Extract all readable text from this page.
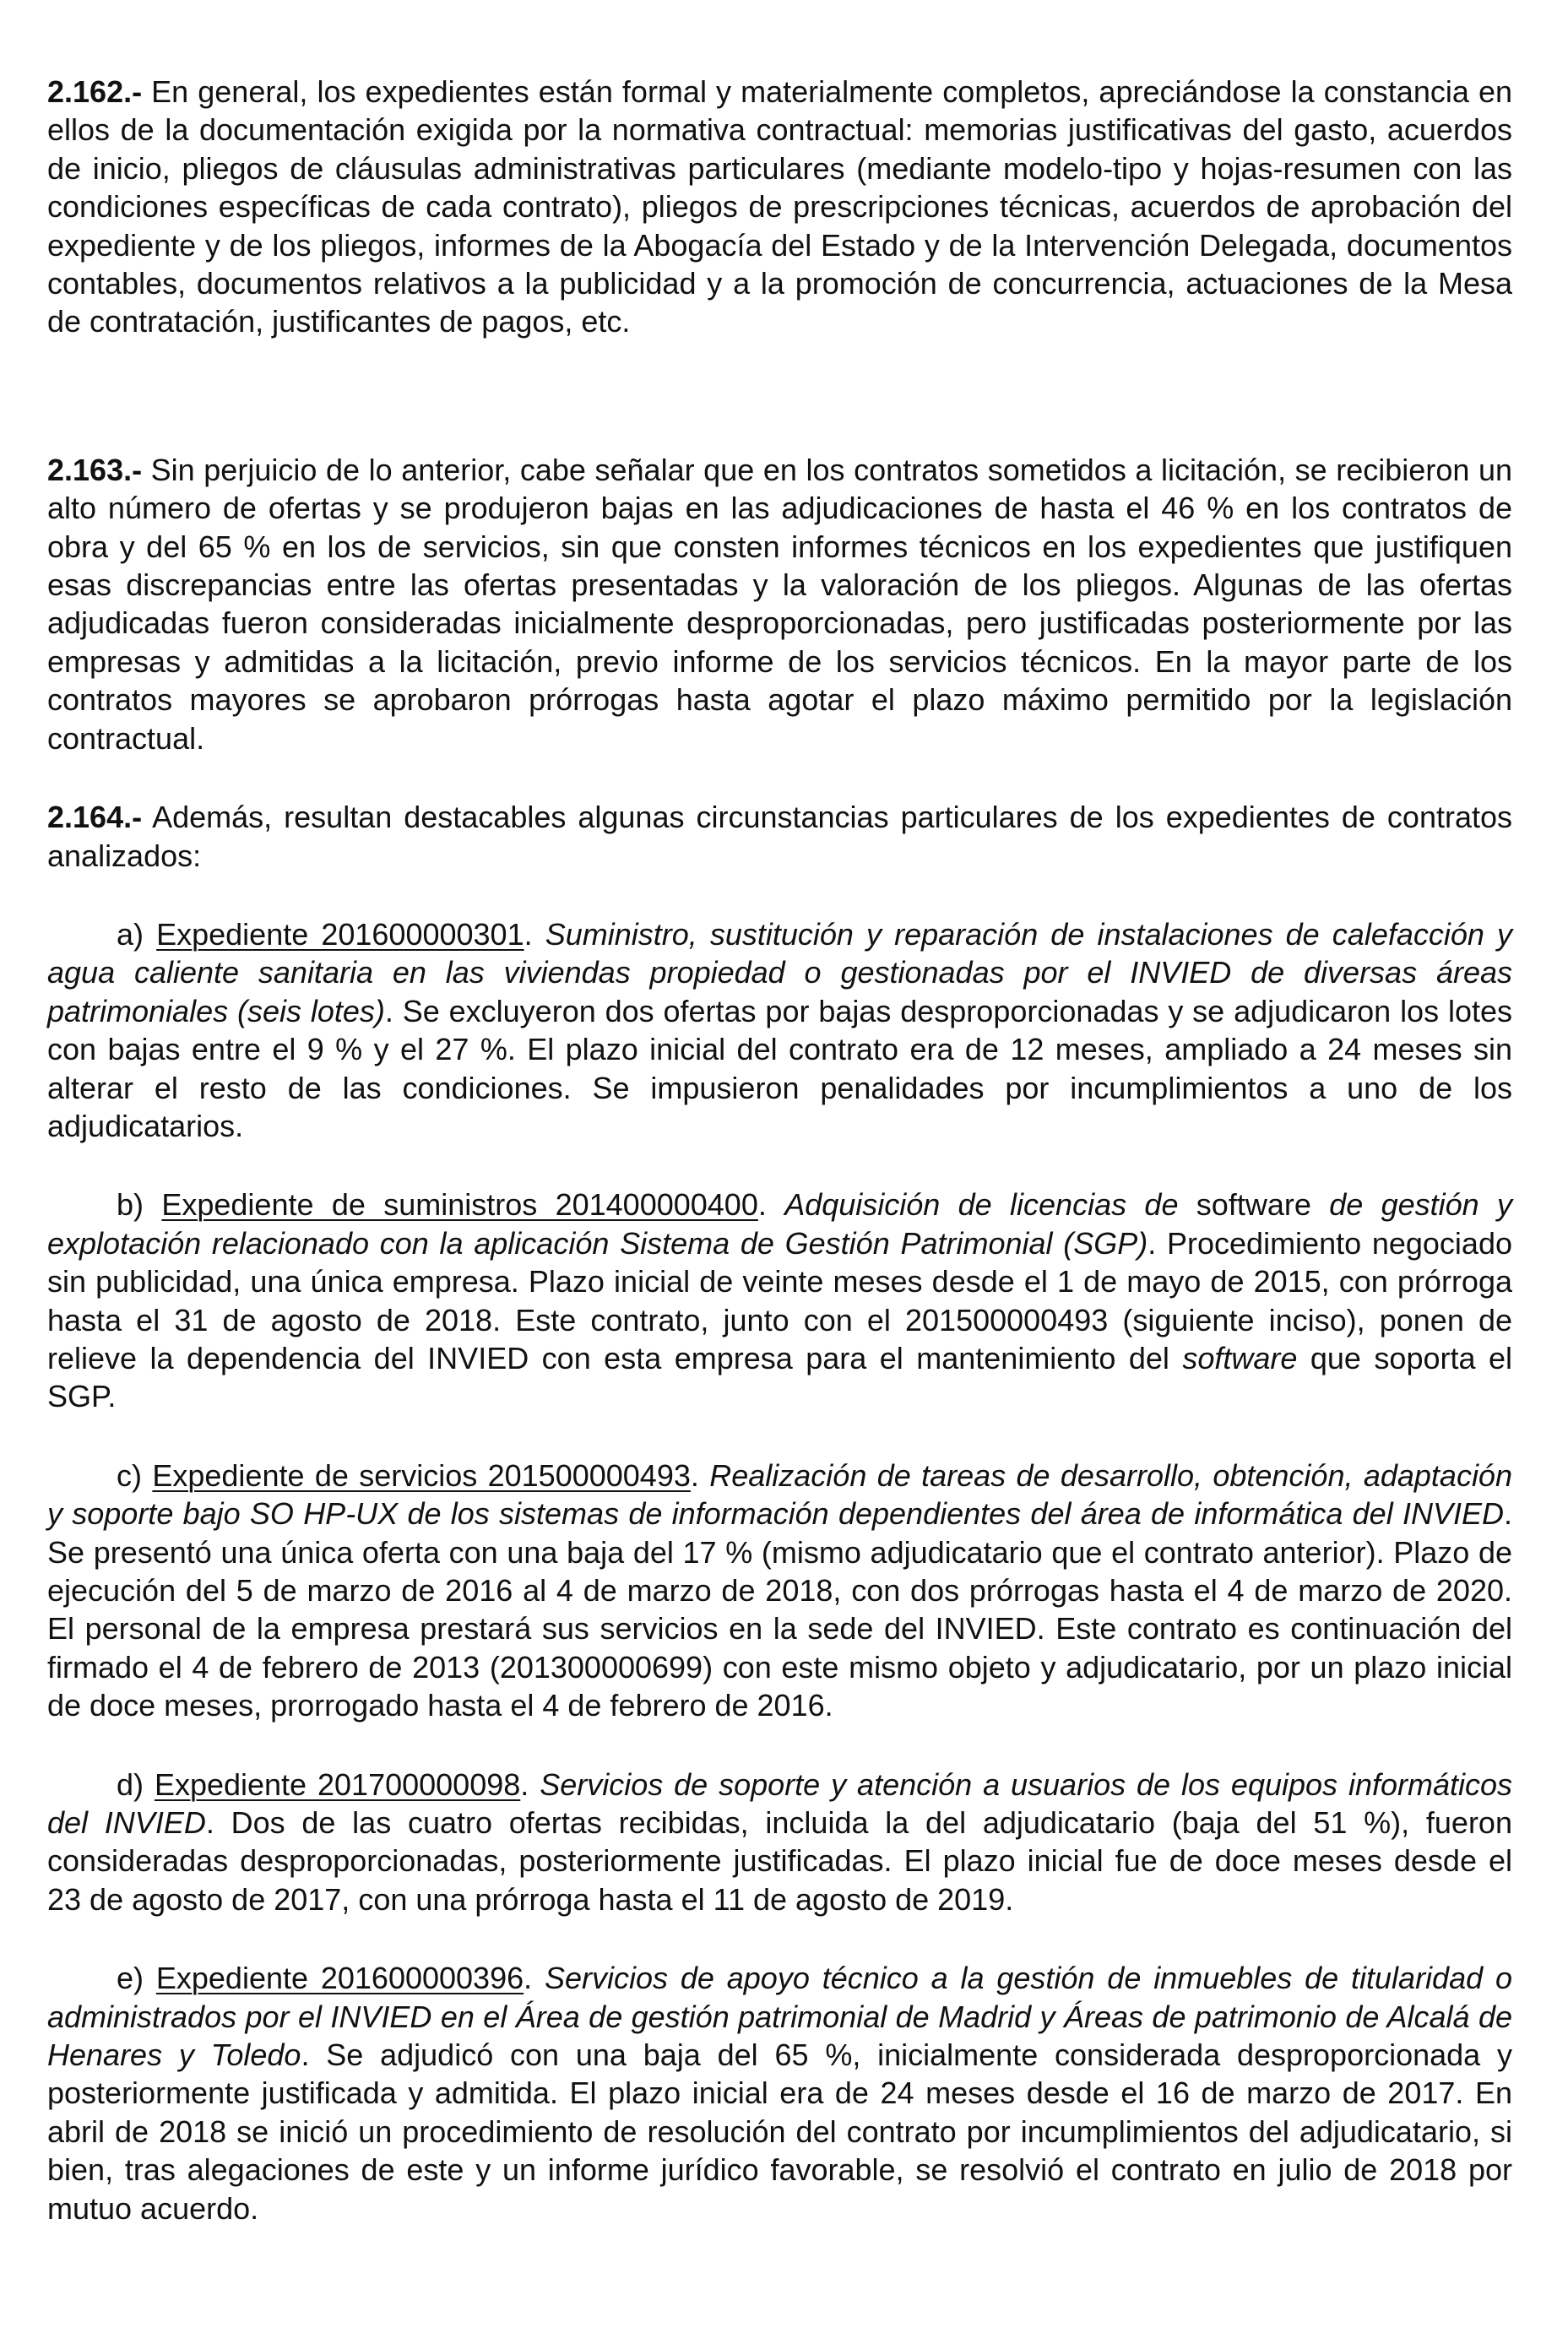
2.162.- En general, los expedientes están formal y materialmente completos, apreciándose la constancia en ellos de la documentación exigida por la normativa contractual: memorias justificativas del gasto, acuerdos de inicio, pliegos de cláusulas administrativas particulares (mediante modelo-tipo y hojas-resumen con las condiciones específicas de cada contrato), pliegos de prescripciones técnicas, acuerdos de aprobación del expediente y de los pliegos, informes de la Abogacía del Estado y de la Intervención Delegada, documentos contables, documentos relativos a la publicidad y a la promoción de concurrencia, actuaciones de la Mesa de contratación, justificantes de pagos, etc.

2.163.- Sin perjuicio de lo anterior, cabe señalar que en los contratos sometidos a licitación, se recibieron un alto número de ofertas y se produjeron bajas en las adjudicaciones de hasta el 46 % en los contratos de obra y del 65 % en los de servicios, sin que consten informes técnicos en los expedientes que justifiquen esas discrepancias entre las ofertas presentadas y la valoración de los pliegos. Algunas de las ofertas adjudicadas fueron consideradas inicialmente desproporcionadas, pero justificadas posteriormente por las empresas y admitidas a la licitación, previo informe de los servicios técnicos. En la mayor parte de los contratos mayores se aprobaron prórrogas hasta agotar el plazo máximo permitido por la legislación contractual.

2.164.- Además, resultan destacables algunas circunstancias particulares de los expedientes de contratos analizados:

a) Expediente 201600000301. Suministro, sustitución y reparación de instalaciones de calefacción y agua caliente sanitaria en las viviendas propiedad o gestionadas por el INVIED de diversas áreas patrimoniales (seis lotes). Se excluyeron dos ofertas por bajas desproporcionadas y se adjudicaron los lotes con bajas entre el 9 % y el 27 %. El plazo inicial del contrato era de 12 meses, ampliado a 24 meses sin alterar el resto de las condiciones. Se impusieron penalidades por incumplimientos a uno de los adjudicatarios.

b) Expediente de suministros 201400000400. Adquisición de licencias de software de gestión y explotación relacionado con la aplicación Sistema de Gestión Patrimonial (SGP). Procedimiento negociado sin publicidad, una única empresa. Plazo inicial de veinte meses desde el 1 de mayo de 2015, con prórroga hasta el 31 de agosto de 2018. Este contrato, junto con el 201500000493 (siguiente inciso), ponen de relieve la dependencia del INVIED con esta empresa para el mantenimiento del software que soporta el SGP.

c) Expediente de servicios 201500000493. Realización de tareas de desarrollo, obtención, adaptación y soporte bajo SO HP-UX de los sistemas de información dependientes del área de informática del INVIED. Se presentó una única oferta con una baja del 17 % (mismo adjudicatario que el contrato anterior). Plazo de ejecución del 5 de marzo de 2016 al 4 de marzo de 2018, con dos prórrogas hasta el 4 de marzo de 2020. El personal de la empresa prestará sus servicios en la sede del INVIED. Este contrato es continuación del firmado el 4 de febrero de 2013 (201300000699) con este mismo objeto y adjudicatario, por un plazo inicial de doce meses, prorrogado hasta el 4 de febrero de 2016.

d) Expediente 201700000098. Servicios de soporte y atención a usuarios de los equipos informáticos del INVIED. Dos de las cuatro ofertas recibidas, incluida la del adjudicatario (baja del 51 %), fueron consideradas desproporcionadas, posteriormente justificadas. El plazo inicial fue de doce meses desde el 23 de agosto de 2017, con una prórroga hasta el 11 de agosto de 2019.

e) Expediente 201600000396. Servicios de apoyo técnico a la gestión de inmuebles de titularidad o administrados por el INVIED en el Área de gestión patrimonial de Madrid y Áreas de patrimonio de Alcalá de Henares y Toledo. Se adjudicó con una baja del 65 %, inicialmente considerada desproporcionada y posteriormente justificada y admitida. El plazo inicial era de 24 meses desde el 16 de marzo de 2017. En abril de 2018 se inició un procedimiento de resolución del contrato por incumplimientos del adjudicatario, si bien, tras alegaciones de este y un informe jurídico favorable, se resolvió el contrato en julio de 2018 por mutuo acuerdo.
